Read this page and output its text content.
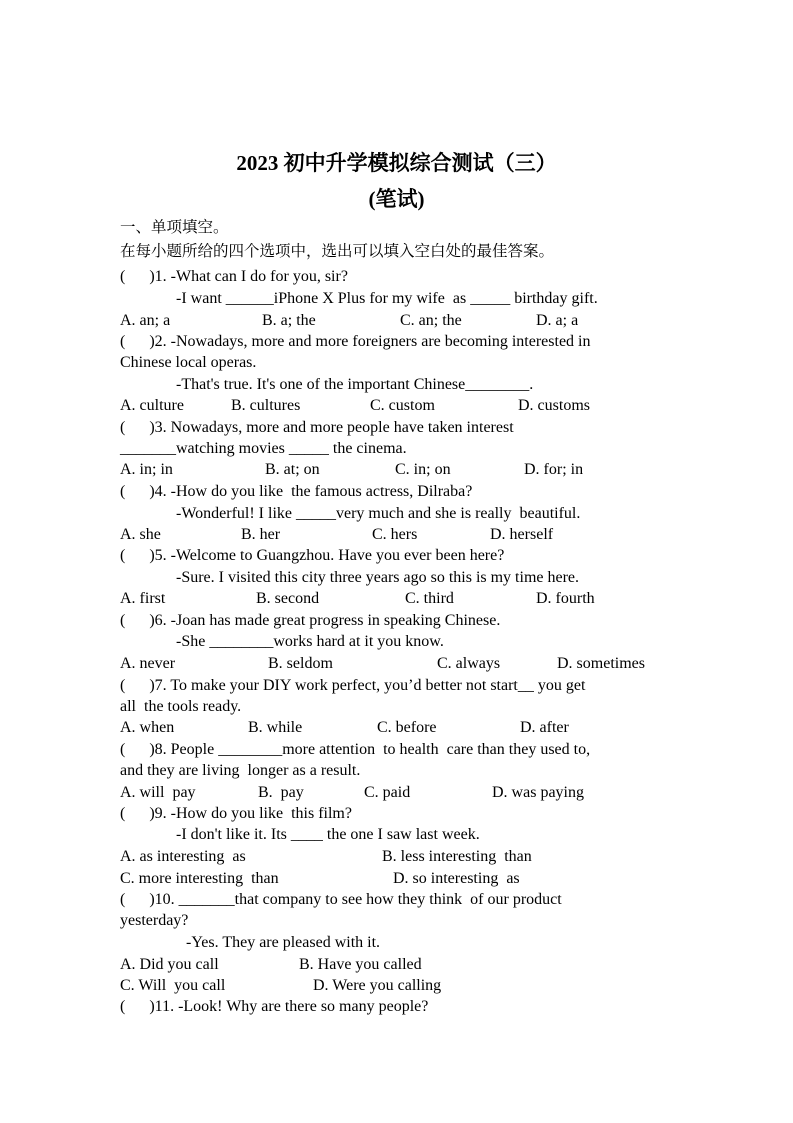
2023 初中升学模拟综合测试（三）
(笔试)
一、单项填空。
在每小题所给的四个选项中，选出可以填入空白处的最佳答案。
(      )1. -What can I do for you, sir?
-I want ______iPhone X Plus for my wife  as _____ birthday gift.
A. an; a	B. a; the	C. an; the	D. a; a
(      )2. -Nowadays, more and more foreigners are becoming interested in
Chinese local operas.
-That's true. It's one of the important Chinese________.
A. culture	B. cultures	C. custom	D. customs
(      )3. Nowadays, more and more people have taken interest
_______watching movies _____ the cinema.
A. in; in	B. at; on	C. in; on	D. for; in
(      )4. -How do you like  the famous actress, Dilraba?
-Wonderful! I like _____very much and she is really  beautiful.
A. she	B. her	C. hers	D. herself
(      )5. -Welcome to Guangzhou. Have you ever been here?
-Sure. I visited this city three years ago so this is my time here.
A. first	B. second	C. third	D. fourth
(      )6. -Joan has made great progress in speaking Chinese.
-She ________works hard at it you know.
A. never	B. seldom	C. always	D. sometimes
(      )7. To make your DIY work perfect, you’d better not start__ you get
all  the tools ready.
A. when	B. while	C. before	D. after
(      )8. People ________more attention  to health  care than they used to,
and they are living  longer as a result.
A. will  pay	B.  pay	C. paid	D. was paying
(      )9. -How do you like  this film?
-I don't like it. Its ____ the one I saw last week.
A. as interesting  as	B. less interesting  than
C. more interesting  than	D. so interesting  as
(      )10. _______that company to see how they think  of our product
yesterday?
-Yes. They are pleased with it.
A. Did you call	B. Have you called
C. Will  you call	D. Were you calling
(      )11. -Look! Why are there so many people?
